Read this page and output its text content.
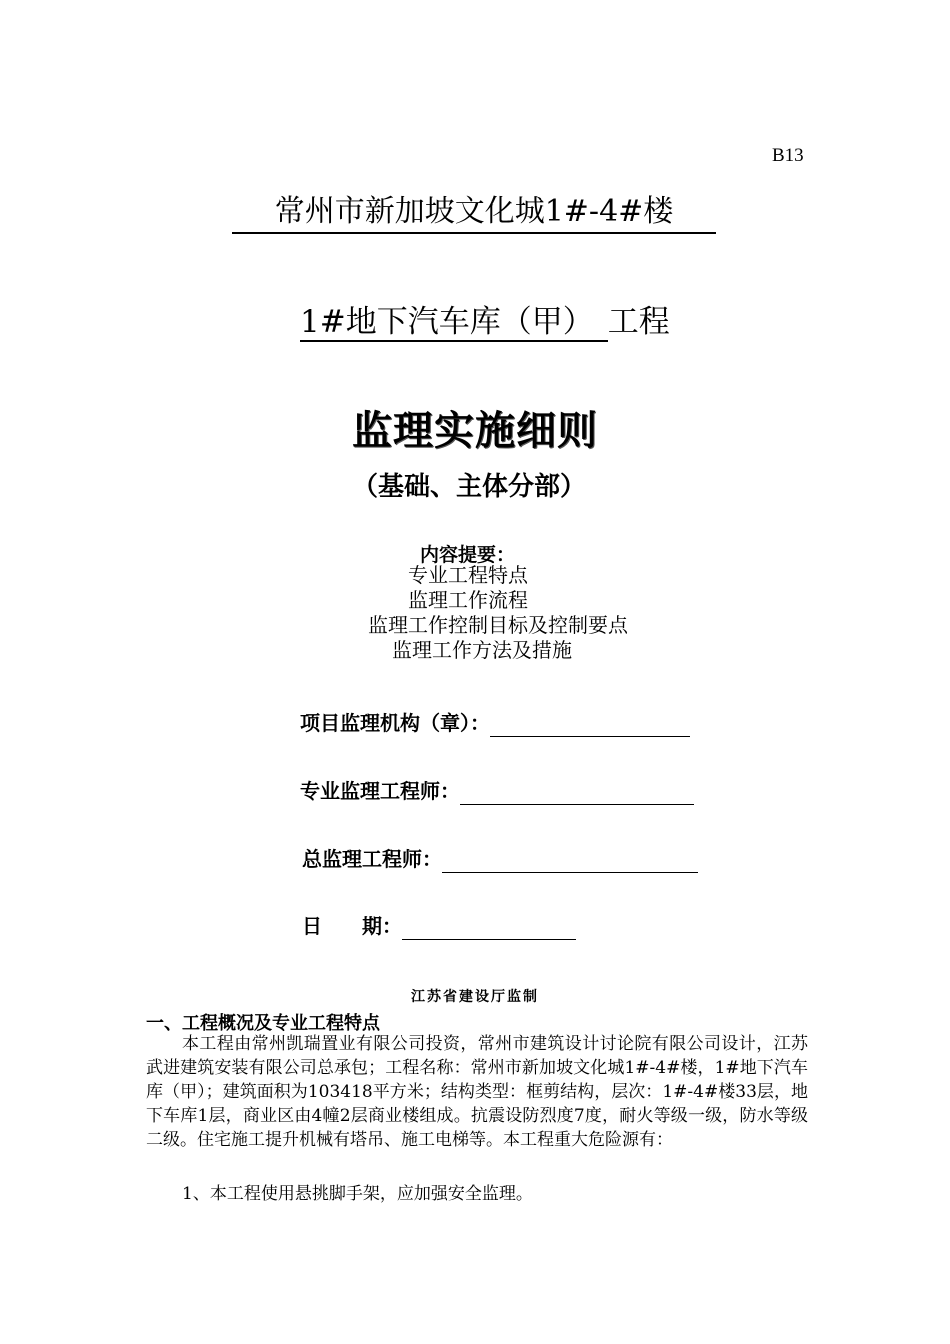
B13
常州市新加坡文化城1#-4#楼
1#地下汽车库（甲） 工程
监理实施细则
（基础、主体分部）
内容提要：
专业工程特点
监理工作流程
监理工作控制目标及控制要点
监理工作方法及措施
项目监理机构（章）：
专业监理工程师：
总监理工程师：
日　　期：
江苏省建设厅监制
一、工程概况及专业工程特点
本工程由常州凯瑞置业有限公司投资，常州市建筑设计讨论院有限公司设计，江苏武进建筑安装有限公司总承包；工程名称：常州市新加坡文化城1#-4#楼，1#地下汽车库（甲）；建筑面积为103418平方米；结构类型：框剪结构，层次：1#-4#楼33层，地下车库1层，商业区由4幢2层商业楼组成。抗震设防烈度7度，耐火等级一级，防水等级二级。住宅施工提升机械有塔吊、施工电梯等。本工程重大危险源有：
1、本工程使用悬挑脚手架，应加强安全监理。
